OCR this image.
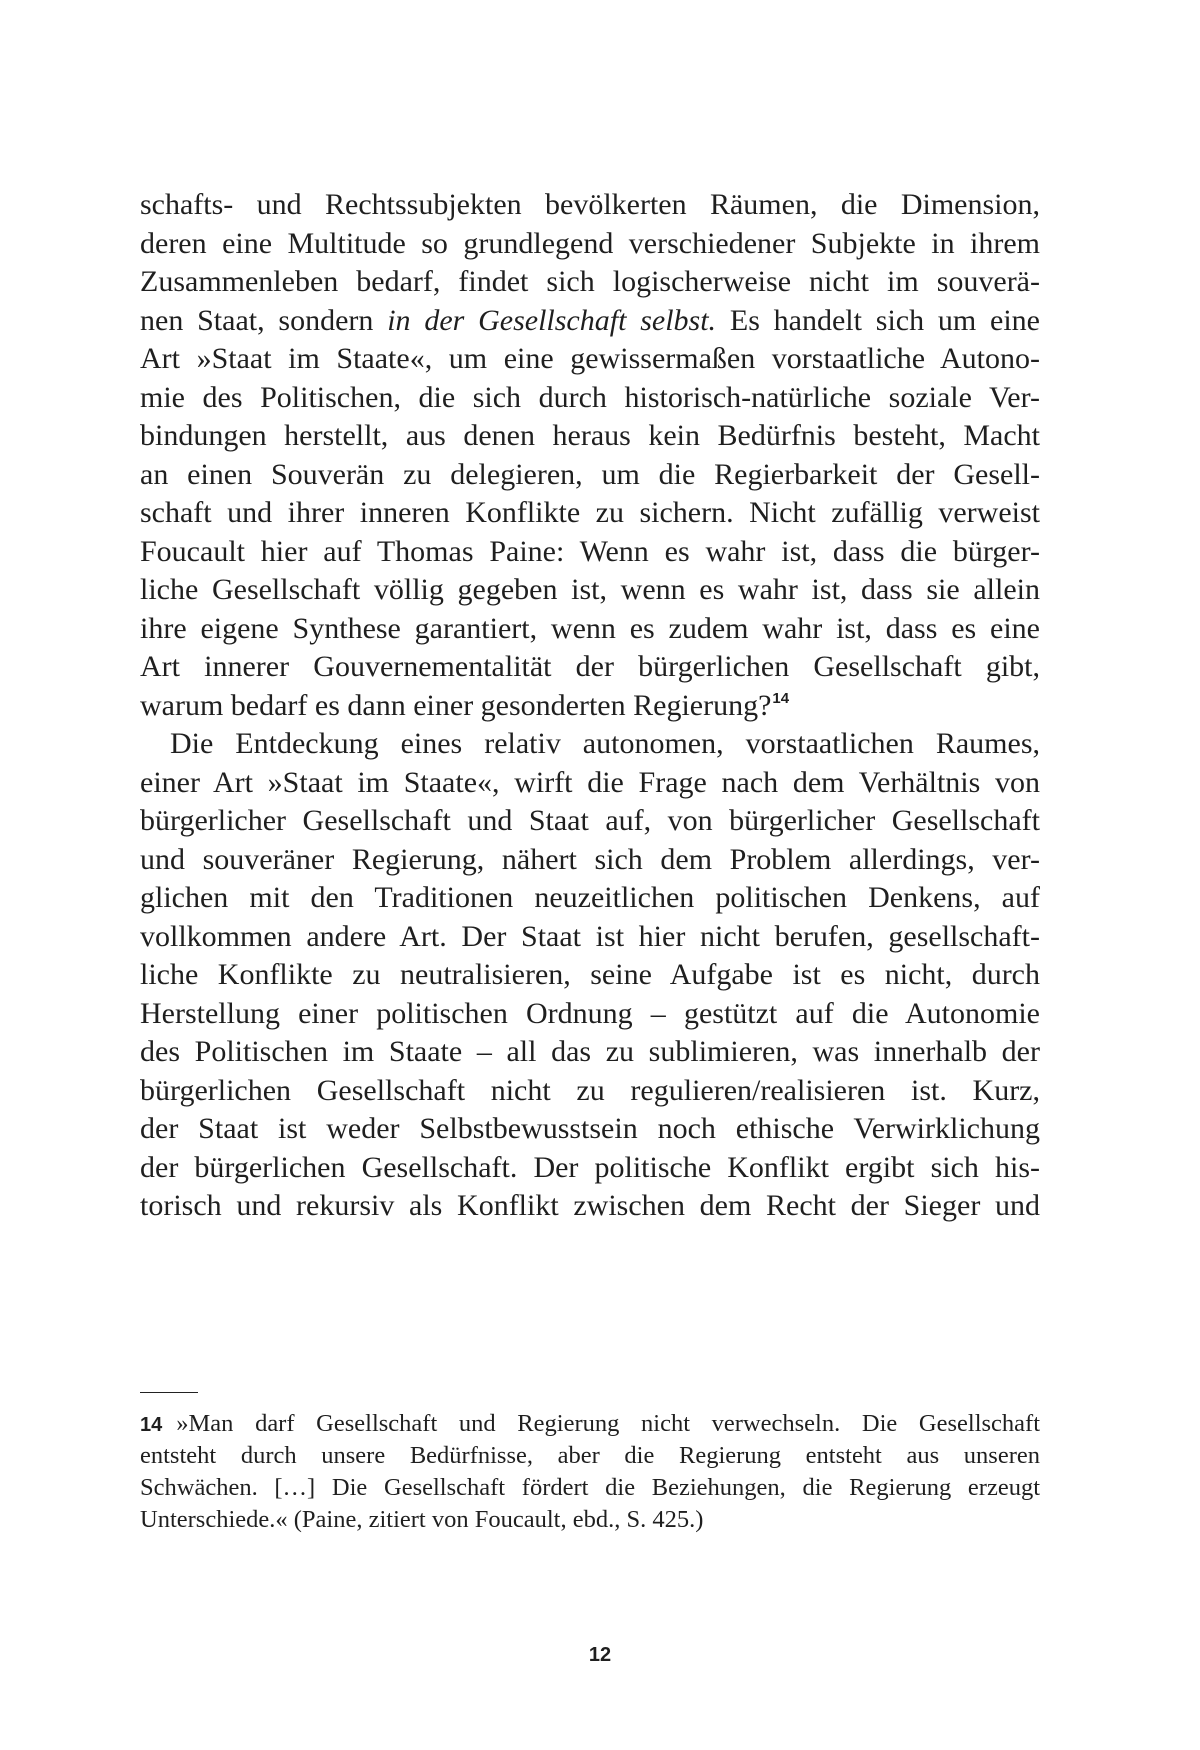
schafts- und Rechtssubjekten bevölkerten Räumen, die Dimension,
deren eine Multitude so grundlegend verschiedener Subjekte in ihrem
Zusammenleben bedarf, findet sich logischerweise nicht im souverä-
nen Staat, sondern in der Gesellschaft selbst. Es handelt sich um eine
Art »Staat im Staate«, um eine gewissermaßen vorstaatliche Autono-
mie des Politischen, die sich durch historisch-natürliche soziale Ver-
bindungen herstellt, aus denen heraus kein Bedürfnis besteht, Macht
an einen Souverän zu delegieren, um die Regierbarkeit der Gesell-
schaft und ihrer inneren Konflikte zu sichern. Nicht zufällig verweist
Foucault hier auf Thomas Paine: Wenn es wahr ist, dass die bürger-
liche Gesellschaft völlig gegeben ist, wenn es wahr ist, dass sie allein
ihre eigene Synthese garantiert, wenn es zudem wahr ist, dass es eine
Art innerer Gouvernementalität der bürgerlichen Gesellschaft gibt,
warum bedarf es dann einer gesonderten Regierung?$^{14}$
Die Entdeckung eines relativ autonomen, vorstaatlichen Raumes,
einer Art »Staat im Staate«, wirft die Frage nach dem Verhältnis von
bürgerlicher Gesellschaft und Staat auf, von bürgerlicher Gesellschaft
und souveräner Regierung, nähert sich dem Problem allerdings, ver-
glichen mit den Traditionen neuzeitlichen politischen Denkens, auf
vollkommen andere Art. Der Staat ist hier nicht berufen, gesellschaft-
liche Konflikte zu neutralisieren, seine Aufgabe ist es nicht, durch
Herstellung einer politischen Ordnung – gestützt auf die Autonomie
des Politischen im Staate – all das zu sublimieren, was innerhalb der
bürgerlichen Gesellschaft nicht zu regulieren/realisieren ist. Kurz,
der Staat ist weder Selbstbewusstsein noch ethische Verwirklichung
der bürgerlichen Gesellschaft. Der politische Konflikt ergibt sich his-
torisch und rekursiv als Konflikt zwischen dem Recht der Sieger und
14 »Man darf Gesellschaft und Regierung nicht verwechseln. Die Gesellschaft
entsteht durch unsere Bedürfnisse, aber die Regierung entsteht aus unseren
Schwächen. […] Die Gesellschaft fördert die Beziehungen, die Regierung erzeugt
Unterschiede.« (Paine, zitiert von Foucault, ebd., S. 425.)
12
